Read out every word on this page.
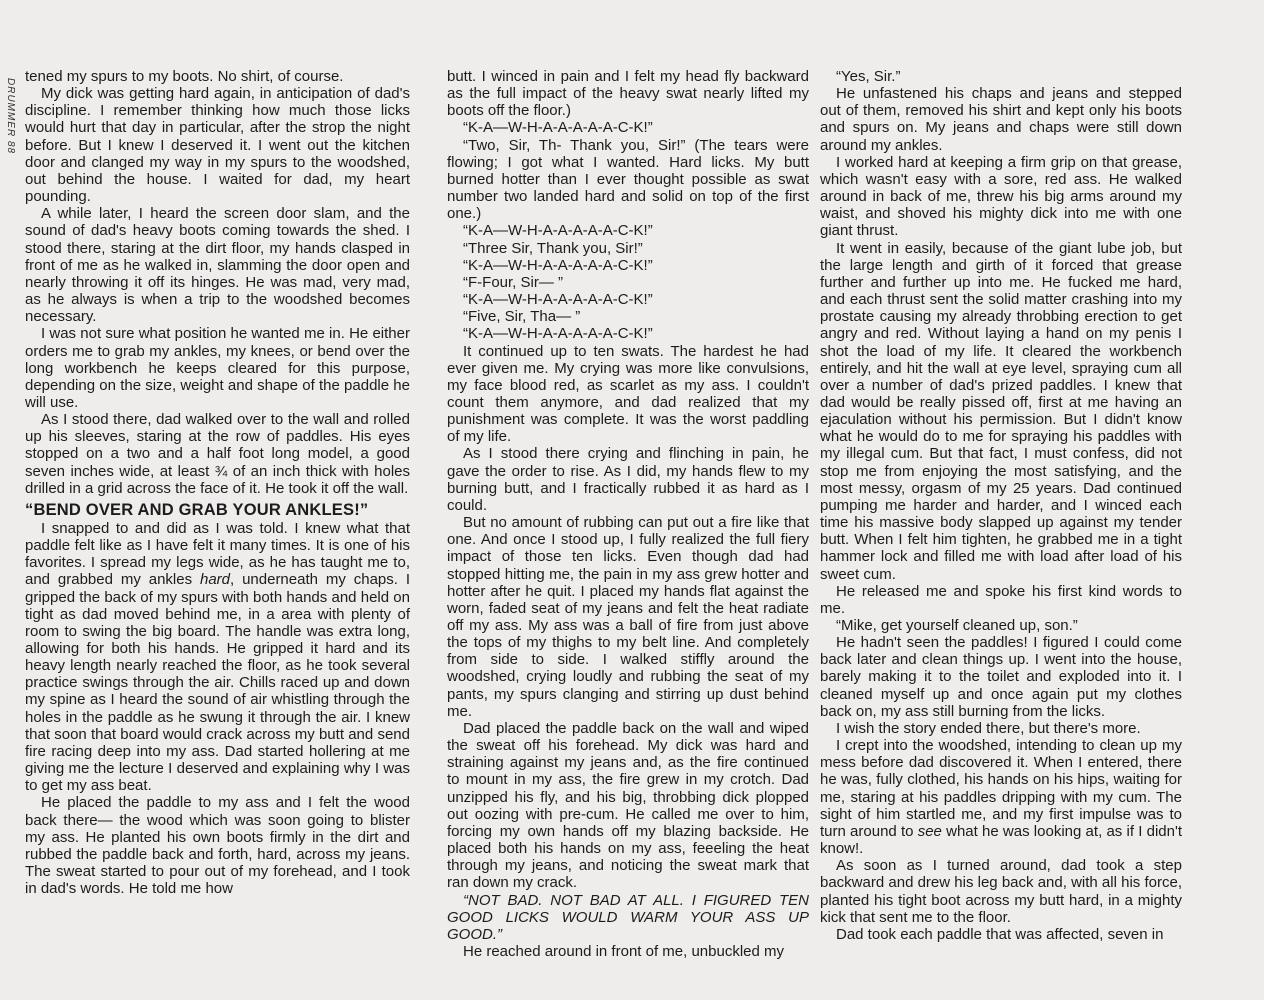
DRUMMER 88

tened my spurs to my boots. No shirt, of course.

My dick was getting hard again, in anticipation of dad's discipline. I remember thinking how much those licks would hurt that day in particular, after the strop the night before. But I knew I deserved it. I went out the kitchen door and clanged my way in my spurs to the woodshed, out behind the house. I waited for dad, my heart pounding.

A while later, I heard the screen door slam, and the sound of dad's heavy boots coming towards the shed. I stood there, staring at the dirt floor, my hands clasped in front of me as he walked in, slamming the door open and nearly throwing it off its hinges. He was mad, very mad, as he always is when a trip to the woodshed becomes necessary.

I was not sure what position he wanted me in. He either orders me to grab my ankles, my knees, or bend over the long workbench he keeps cleared for this purpose, depending on the size, weight and shape of the paddle he will use.

As I stood there, dad walked over to the wall and rolled up his sleeves, staring at the row of paddles. His eyes stopped on a two and a half foot long model, a good seven inches wide, at least ¾ of an inch thick with holes drilled in a grid across the face of it. He took it off the wall.

“BEND OVER AND GRAB YOUR ANKLES!”

I snapped to and did as I was told. I knew what that paddle felt like as I have felt it many times. It is one of his favorites. I spread my legs wide, as he has taught me to, and grabbed my ankles hard, underneath my chaps. I gripped the back of my spurs with both hands and held on tight as dad moved behind me, in a area with plenty of room to swing the big board. The handle was extra long, allowing for both his hands. He gripped it hard and its heavy length nearly reached the floor, as he took several practice swings through the air. Chills raced up and down my spine as I heard the sound of air whistling through the holes in the paddle as he swung it through the air. I knew that soon that board would crack across my butt and send fire racing deep into my ass. Dad started hollering at me giving me the lecture I deserved and explaining why I was to get my ass beat.

He placed the paddle to my ass and I felt the wood back there— the wood which was soon going to blister my ass. He planted his own boots firmly in the dirt and rubbed the paddle back and forth, hard, across my jeans. The sweat started to pour out of my forehead, and I took in dad's words. He told me how

butt. I winced in pain and I felt my head fly backward as the full impact of the heavy swat nearly lifted my boots off the floor.)

“K-A—W-H-A-A-A-A-A-C-K!”

“Two, Sir, Th- Thank you, Sir!” (The tears were flowing; I got what I wanted. Hard licks. My butt burned hotter than I ever thought possible as swat number two landed hard and solid on top of the first one.)

“K-A—W-H-A-A-A-A-A-C-K!”

“Three Sir, Thank you, Sir!”

“K-A—W-H-A-A-A-A-A-C-K!”

“F-Four, Sir— ”

“K-A—W-H-A-A-A-A-A-C-K!”

“Five, Sir, Tha— ”

“K-A—W-H-A-A-A-A-A-C-K!”

It continued up to ten swats. The hardest he had ever given me. My crying was more like convulsions, my face blood red, as scarlet as my ass. I couldn't count them anymore, and dad realized that my punishment was complete. It was the worst paddling of my life.

As I stood there crying and flinching in pain, he gave the order to rise. As I did, my hands flew to my burning butt, and I fractically rubbed it as hard as I could.

But no amount of rubbing can put out a fire like that one. And once I stood up, I fully realized the full fiery impact of those ten licks. Even though dad had stopped hitting me, the pain in my ass grew hotter and hotter after he quit. I placed my hands flat against the worn, faded seat of my jeans and felt the heat radiate off my ass. My ass was a ball of fire from just above the tops of my thighs to my belt line. And completely from side to side. I walked stiffly around the woodshed, crying loudly and rubbing the seat of my pants, my spurs clanging and stirring up dust behind me.

Dad placed the paddle back on the wall and wiped the sweat off his forehead. My dick was hard and straining against my jeans and, as the fire continued to mount in my ass, the fire grew in my crotch. Dad unzipped his fly, and his big, throbbing dick plopped out oozing with pre-cum. He called me over to him, forcing my own hands off my blazing backside. He placed both his hands on my ass, feeeling the heat through my jeans, and noticing the sweat mark that ran down my crack.

“NOT BAD. NOT BAD AT ALL. I FIGURED TEN GOOD LICKS WOULD WARM YOUR ASS UP GOOD.”

He reached around in front of me, unbuckled my

“Yes, Sir.”

He unfastened his chaps and jeans and stepped out of them, removed his shirt and kept only his boots and spurs on. My jeans and chaps were still down around my ankles.

I worked hard at keeping a firm grip on that grease, which wasn't easy with a sore, red ass. He walked around in back of me, threw his big arms around my waist, and shoved his mighty dick into me with one giant thrust.

It went in easily, because of the giant lube job, but the large length and girth of it forced that grease further and further up into me. He fucked me hard, and each thrust sent the solid matter crashing into my prostate causing my already throbbing erection to get angry and red. Without laying a hand on my penis I shot the load of my life. It cleared the workbench entirely, and hit the wall at eye level, spraying cum all over a number of dad's prized paddles. I knew that dad would be really pissed off, first at me having an ejaculation without his permission. But I didn't know what he would do to me for spraying his paddles with my illegal cum. But that fact, I must confess, did not stop me from enjoying the most satisfying, and the most messy, orgasm of my 25 years. Dad continued pumping me harder and harder, and I winced each time his massive body slapped up against my tender butt. When I felt him tighten, he grabbed me in a tight hammer lock and filled me with load after load of his sweet cum.

He released me and spoke his first kind words to me.

“Mike, get yourself cleaned up, son.”

He hadn't seen the paddles! I figured I could come back later and clean things up. I went into the house, barely making it to the toilet and exploded into it. I cleaned myself up and once again put my clothes back on, my ass still burning from the licks.

I wish the story ended there, but there's more.

I crept into the woodshed, intending to clean up my mess before dad discovered it. When I entered, there he was, fully clothed, his hands on his hips, waiting for me, staring at his paddles dripping with my cum. The sight of him startled me, and my first impulse was to turn around to see what he was looking at, as if I didn't know!.

As soon as I turned around, dad took a step backward and drew his leg back and, with all his force, planted his tight boot across my butt hard, in a mighty kick that sent me to the floor.

Dad took each paddle that was affected, seven in
